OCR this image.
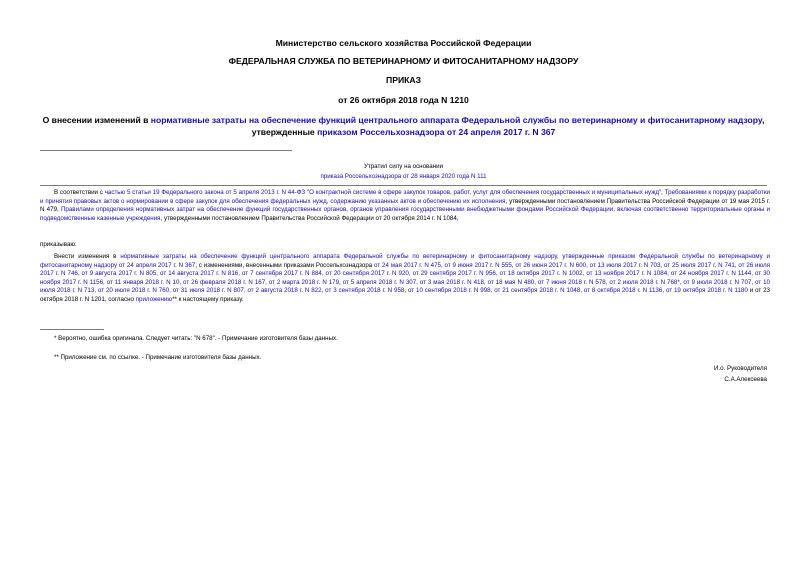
Министерство сельского хозяйства Российской Федерации
ФЕДЕРАЛЬНАЯ СЛУЖБА ПО ВЕТЕРИНАРНОМУ И ФИТОСАНИТАРНОМУ НАДЗОРУ
ПРИКАЗ
от 26 октября 2018 года N 1210
О внесении изменений в нормативные затраты на обеспечение функций центрального аппарата Федеральной службы по ветеринарному и фитосанитарному надзору, утвержденные приказом Россельхознадзора от 24 апреля 2017 г. N 367
Утратил силу на основании
приказа Россельхознадзора от 28 января 2020 года N 111
В соответствии с частью 5 статьи 19 Федерального закона от 5 апреля 2013 г. N 44-ФЗ "О контрактной системе в сфере закупок товаров, работ, услуг для обеспечения государственных и муниципальных нужд", Требованиями к порядку разработки и принятия правовых актов о нормировании в сфере закупок для обеспечения федеральных нужд, содержанию указанных актов и обеспечению их исполнения, утвержденными постановлением Правительства Российской Федерации от 19 мая 2015 г. N 479, Правилами определения нормативных затрат на обеспечение функций государственных органов, органов управления государственными внебюджетными фондами Российской Федерации, включая соответственно территориальные органы и подведомственные казенные учреждения, утвержденными постановлением Правительства Российской Федерации от 20 октября 2014 г. N 1084,
приказываю:
Внести изменения в нормативные затраты на обеспечение функций центрального аппарата Федеральной службы по ветеринарному и фитосанитарному надзору, утвержденные приказом Федеральной службы по ветеринарному и фитосанитарному надзору от 24 апреля 2017 г. N 367, с изменениями, внесенными приказами Россельхознадзора от 24 мая 2017 г. N 475, от 9 июня 2017 г. N 555, от 26 июня 2017 г. N 600, от 13 июля 2017 г. N 703, от 25 июля 2017 г. N 741, от 26 июля 2017 г. N 746, от 9 августа 2017 г. N 805, от 14 августа 2017 г. N 816, от 7 сентября 2017 г. N 884, от 20 сентября 2017 г. N 920, от 29 сентября 2017 г. N 956, от 18 октября 2017 г. N 1002, от 13 ноября 2017 г. N 1084, от 24 ноября 2017 г. N 1144, от 30 ноября 2017 г. N 1156, от 11 января 2018 г. N 10, от 26 февраля 2018 г. N 167, от 2 марта 2018 г. N 179, от 5 апреля 2018 г. N 307, от 3 мая 2018 г. N 418, от 18 мая N 480, от 7 июня 2018 г. N 578, от 2 июля 2018 г. N 768*, от 9 июля 2018 г. N 707, от 10 июля 2018 г. N 713, от 20 июля 2018 г. N 760, от 31 июля 2018 г. N 807, от 2 августа 2018 г. N 822, от 3 сентября 2018 г. N 958, от 10 сентября 2018 г. N 998, от 21 сентября 2018 г. N 1048, от 8 октября 2018 г. N 1136, от 19 октября 2018 г. N 1180 и от 23 октября 2018 г. N 1201, согласно приложению** к настоящему приказу.
* Вероятно, ошибка оригинала. Следует читать: "N 678". - Примечание изготовителя базы данных.
** Приложение см. по ссылке. - Примечание изготовителя базы данных.
И.о. Руководителя
С.А.Алексеева
